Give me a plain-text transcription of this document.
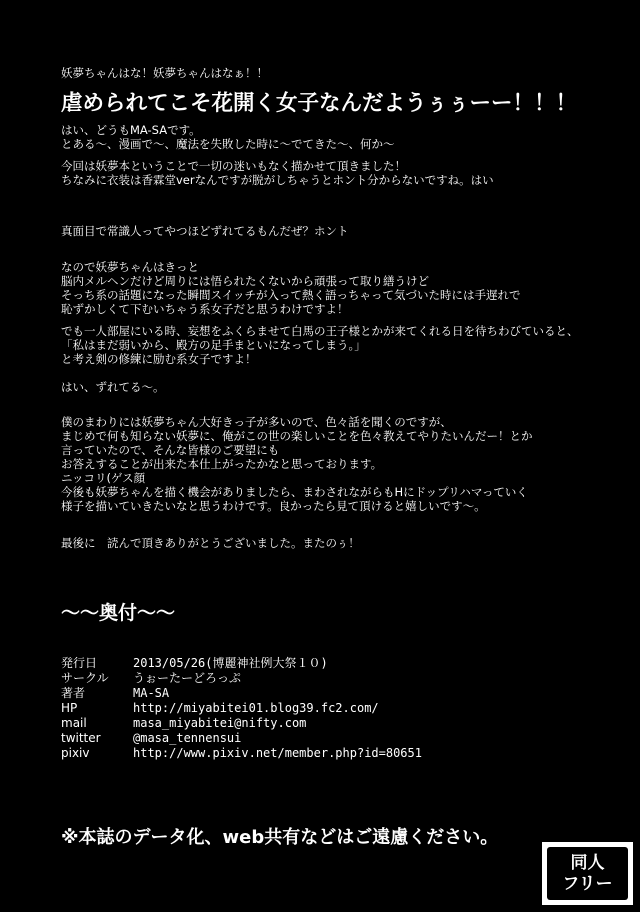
妖夢ちゃんはな！妖夢ちゃんはなぁ！！

虐められてこそ花開く女子なんだようぅぅーー！！！

はい、どうもMA-SAです。

とある～、漫画で～、魔法を失敗した時に～でてきた～、何か～

今回は妖夢本ということで一切の迷いもなく描かせて頂きました！

ちなみに衣装は香霖堂verなんですが脱がしちゃうとホント分からないですね。はい

真面目で常識人ってやつほどずれてるもんだぜ？ホント

なので妖夢ちゃんはきっと

脳内メルヘンだけど周りには悟られたくないから頑張って取り繕うけど

そっち系の話題になった瞬間スイッチが入って熱く語っちゃって気づいた時には手遅れで

恥ずかしくて下むいちゃう系女子だと思うわけですよ！

でも一人部屋にいる時、妄想をふくらませて白馬の王子様とかが来てくれる日を待ちわびていると、

「私はまだ弱いから、殿方の足手まといになってしまう。」

と考え剣の修練に励む系女子ですよ！

はい、ずれてる～。

僕のまわりには妖夢ちゃん大好きっ子が多いので、色々話を聞くのですが、

まじめで何も知らない妖夢に、俺がこの世の楽しいことを色々教えてやりたいんだー！とか

言っていたので、そんな皆様のご要望にも

お答えすることが出来た本仕上がったかなと思っております。

ニッコリ(ゲス顔

今後も妖夢ちゃんを描く機会がありましたら、まわされながらもHにドップリハマっていく

様子を描いていきたいなと思うわけです。良かったら見て頂けると嬉しいです～。

最後に　読んで頂きありがとうございました。またのぅ！

～～奥付～～
発行日	2013/05/26(博麗神社例大祭１０)
サークル	うぉーたーどろっぷ
著者	MA-SA
HP	http://miyabitei01.blog39.fc2.com/
mail	masa_miyabitei@nifty.com
twitter	@masa_tennensui
pixiv	http://www.pixiv.net/member.php?id=80651

※本誌のデータ化、web共有などはご遠慮ください。

同人
フリー
